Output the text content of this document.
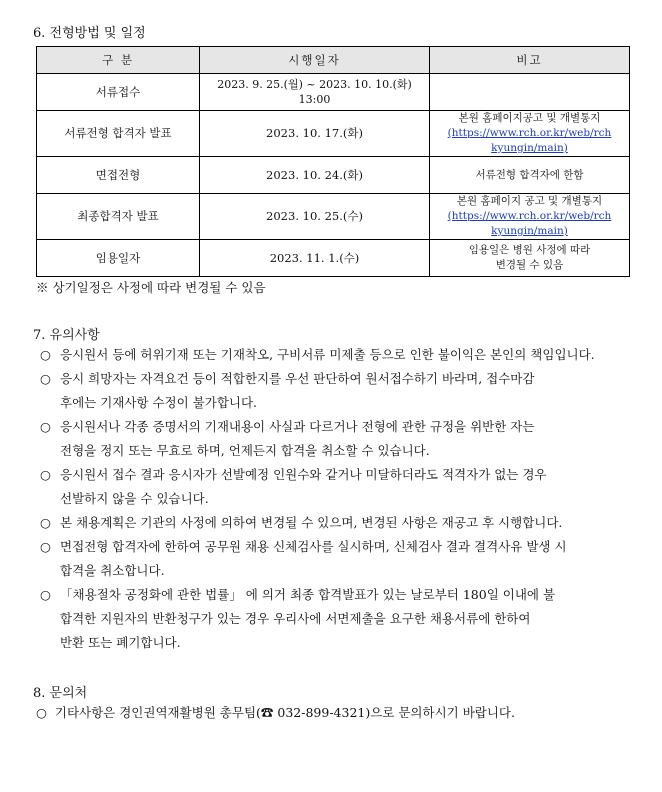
6. 전형방법 및 일정
구 분	시행일자	비고
서류접수	2023. 9. 25.(월) ~ 2023. 10. 10.(화) 13:00	
서류전형 합격자 발표	2023. 10. 17.(화)	본원 홈페이지공고 및 개별통지
(https://www.rch.or.kr/web/rch
kyungin/main)

면접전형	2023. 10. 24.(화)	서류전형 합격자에 한함
최종합격자 발표	2023. 10. 25.(수)	본원 홈페이지 공고 및 개별통지
(https://www.rch.or.kr/web/rch
kyungin/main)

임용일자	2023. 11. 1.(수)	임용일은 병원 사정에 따라
변경될 수 있음
※ 상기일정은 사정에 따라 변경될 수 있음
7. 유의사항
○ 응시원서 등에 허위기재 또는 기재착오, 구비서류 미제출 등으로 인한 불이익은 본인의 책임입니다.
○ 응시 희망자는 자격요건 등이 적합한지를 우선 판단하여 원서접수하기 바라며, 접수마감
후에는 기재사항 수정이 불가합니다.
○ 응시원서나 각종 증명서의 기재내용이 사실과 다르거나 전형에 관한 규정을 위반한 자는
전형을 정지 또는 무효로 하며, 언제든지 합격을 취소할 수 있습니다.
○ 응시원서 접수 결과 응시자가 선발예정 인원수와 같거나 미달하더라도 적격자가 없는 경우
선발하지 않을 수 있습니다.
○ 본 채용계획은 기관의 사정에 의하여 변경될 수 있으며, 변경된 사항은 재공고 후 시행합니다.
○ 면접전형 합격자에 한하여 공무원 채용 신체검사를 실시하며, 신체검사 결과 결격사유 발생 시
합격을 취소합니다.
○ 「채용절차 공정화에 관한 법률」 에 의거 최종 합격발표가 있는 날로부터 180일 이내에 불
합격한 지원자의 반환청구가 있는 경우 우리사에 서면제출을 요구한 채용서류에 한하여
반환 또는 폐기합니다.
8. 문의처
○ 기타사항은 경인권역재활병원 총무팀(☎ 032-899-4321)으로 문의하시기 바랍니다.
